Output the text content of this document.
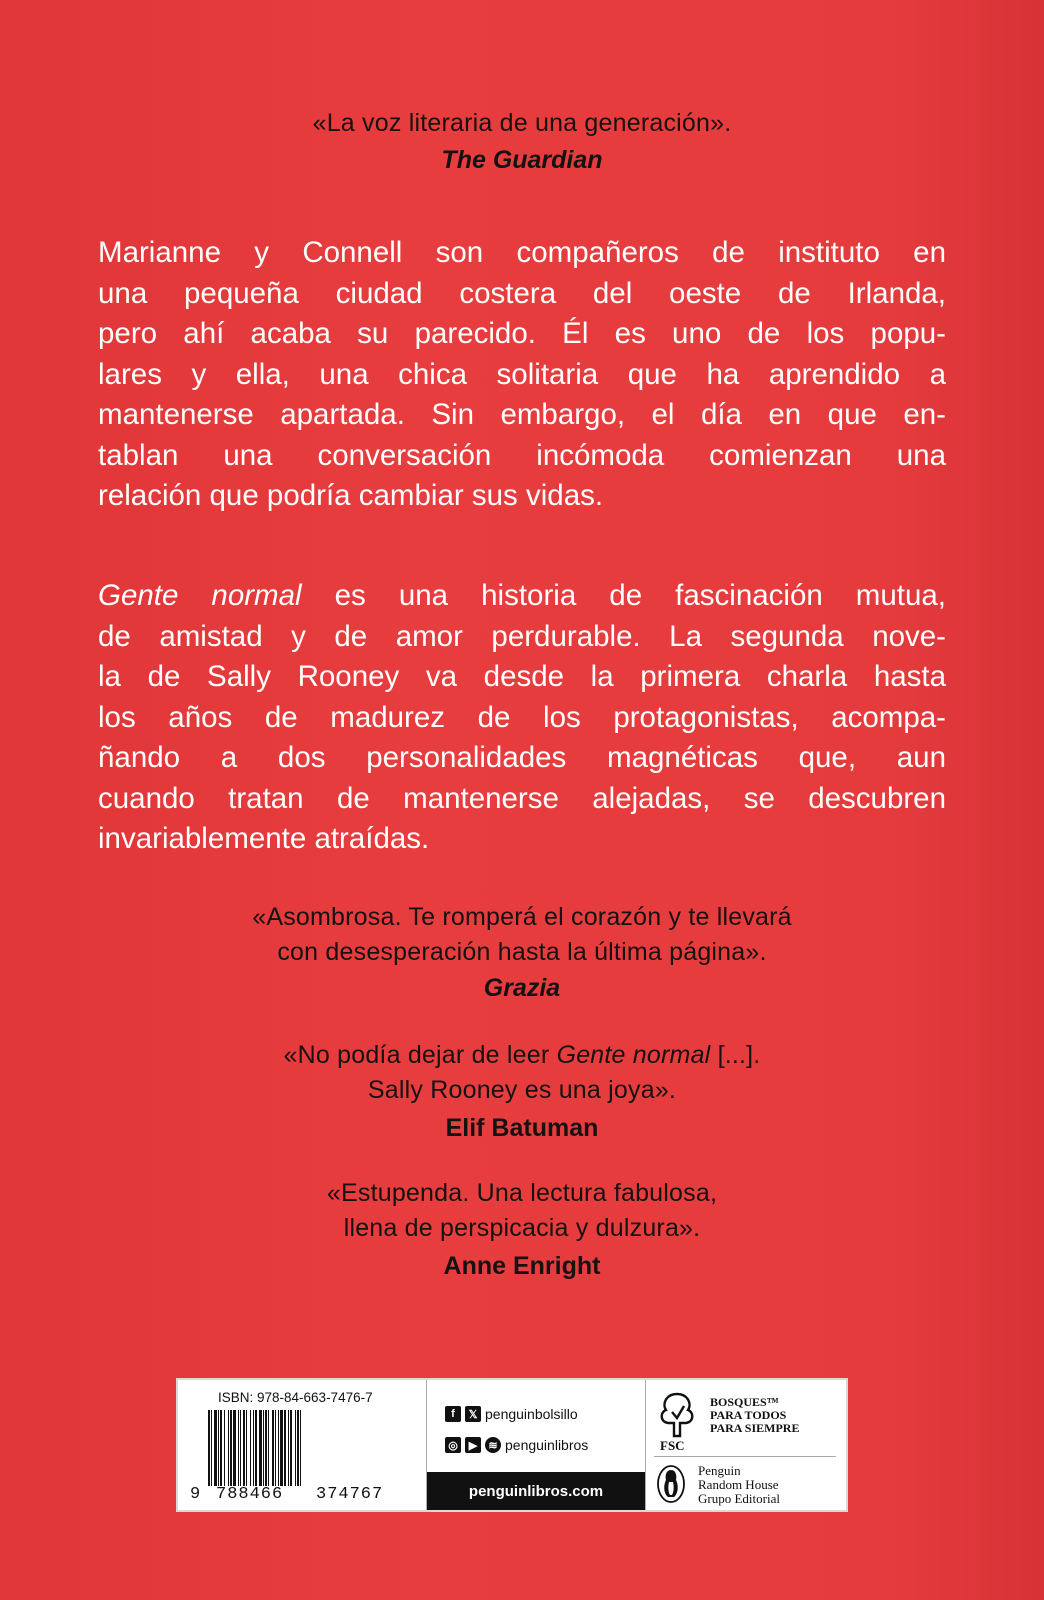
«La voz literaria de una generación».
The Guardian
Marianne y Connell son compañeros de instituto en
una pequeña ciudad costera del oeste de Irlanda,
pero ahí acaba su parecido. Él es uno de los popu-
lares y ella, una chica solitaria que ha aprendido a
mantenerse apartada. Sin embargo, el día en que en-
tablan una conversación incómoda comienzan una
relación que podría cambiar sus vidas.
Gente normal es una historia de fascinación mutua,
de amistad y de amor perdurable. La segunda nove-
la de Sally Rooney va desde la primera charla hasta
los años de madurez de los protagonistas, acompa-
ñando a dos personalidades magnéticas que, aun
cuando tratan de mantenerse alejadas, se descubren
invariablemente atraídas.
«Asombrosa. Te romperá el corazón y te llevará
con desesperación hasta la última página».
Grazia
«No podía dejar de leer Gente normal [...].
Sally Rooney es una joya».
Elif Batuman
«Estupenda. Una lectura fabulosa,
llena de perspicacia y dulzura».
Anne Enright
ISBN: 978-84-663-7476-7
9 788466 374767
f	𝕏 penguinbolsillo
◎ ▶	≋ penguinlibros
penguinlibros.com
FSC
BOSQUES™
PARA TODOS
PARA SIEMPRE
Penguin
Random House
Grupo Editorial
